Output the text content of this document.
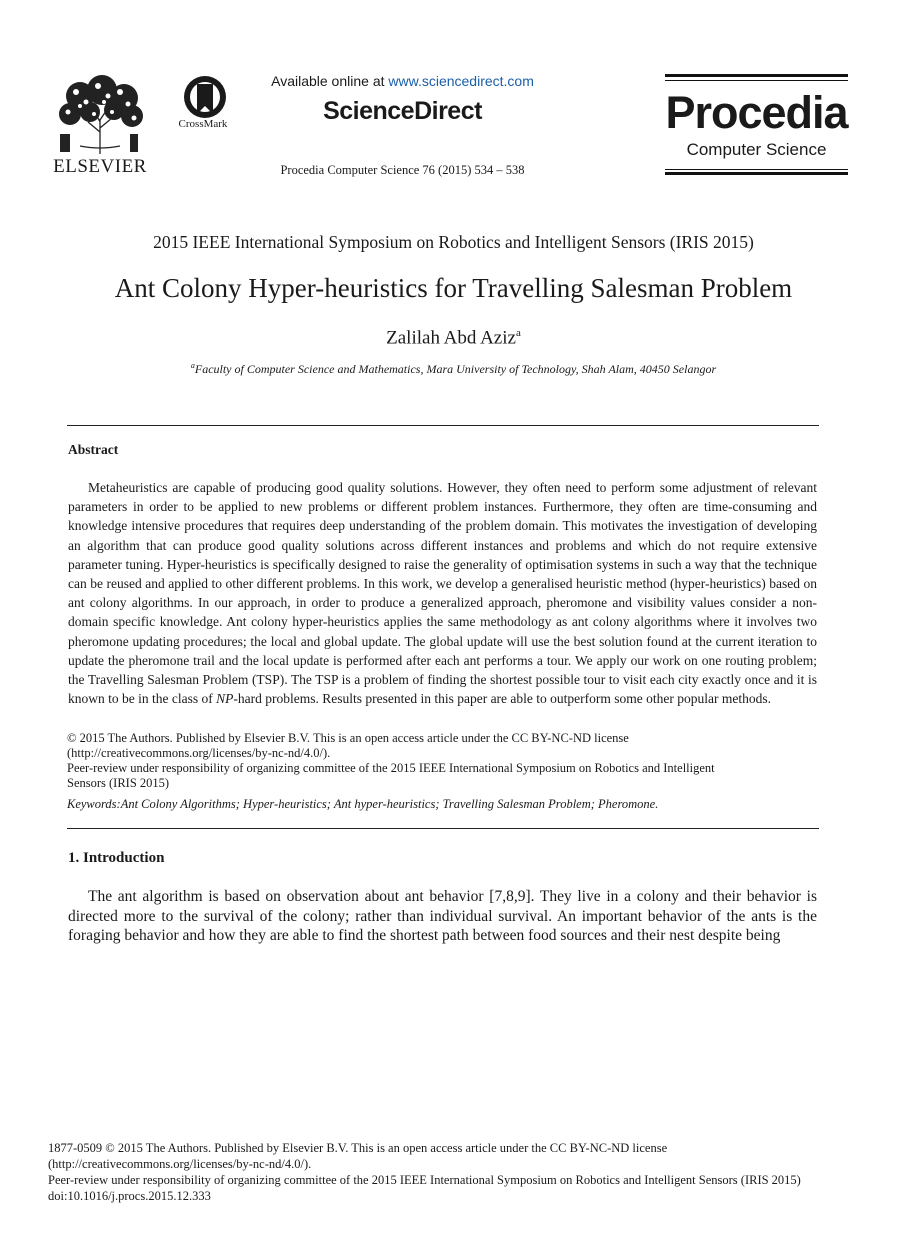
ELSEVIER
CrossMark
Available online at www.sciencedirect.com
ScienceDirect
Procedia Computer Science 76 (2015) 534 – 538
Procedia
Computer Science
2015 IEEE International Symposium on Robotics and Intelligent Sensors (IRIS 2015)
Ant Colony Hyper-heuristics for Travelling Salesman Problem
Zalilah Abd Aziz$^a$
$^a$Faculty of Computer Science and Mathematics, Mara University of Technology, Shah Alam, 40450 Selangor
Abstract
Metaheuristics are capable of producing good quality solutions. However, they often need to perform some adjustment of relevant parameters in order to be applied to new problems or different problem instances. Furthermore, they often are time-consuming and knowledge intensive procedures that requires deep understanding of the problem domain. This motivates the investigation of developing an algorithm that can produce good quality solutions across different instances and problems and which do not require extensive parameter tuning. Hyper-heuristics is specifically designed to raise the generality of optimisation systems in such a way that the technique can be reused and applied to other different problems. In this work, we develop a generalised heuristic method (hyper-heuristics) based on ant colony algorithms. In our approach, in order to produce a generalized approach, pheromone and visibility values consider a non-domain specific knowledge. Ant colony hyper-heuristics applies the same methodology as ant colony algorithms where it involves two pheromone updating procedures; the local and global update. The global update will use the best solution found at the current iteration to update the pheromone trail and the local update is performed after each ant performs a tour. We apply our work on one routing problem; the Travelling Salesman Problem (TSP). The TSP is a problem of finding the shortest possible tour to visit each city exactly once and it is known to be in the class of NP-hard problems. Results presented in this paper are able to outperform some other popular methods.
© 2015 The Authors. Published by Elsevier B.V. This is an open access article under the CC BY-NC-ND license
(http://creativecommons.org/licenses/by-nc-nd/4.0/).
Peer-review under responsibility of organizing committee of the 2015 IEEE International Symposium on Robotics and Intelligent
Sensors (IRIS 2015)
Keywords:Ant Colony Algorithms; Hyper-heuristics; Ant hyper-heuristics; Travelling Salesman Problem; Pheromone.
1. Introduction
The ant algorithm is based on observation about ant behavior [7,8,9]. They live in a colony and their behavior is directed more to the survival of the colony; rather than individual survival. An important behavior of the ants is the foraging behavior and how they are able to find the shortest path between food sources and their nest despite being
1877-0509 © 2015 The Authors. Published by Elsevier B.V. This is an open access article under the CC BY-NC-ND license
(http://creativecommons.org/licenses/by-nc-nd/4.0/).
Peer-review under responsibility of organizing committee of the 2015 IEEE International Symposium on Robotics and Intelligent Sensors (IRIS 2015)
doi:10.1016/j.procs.2015.12.333
